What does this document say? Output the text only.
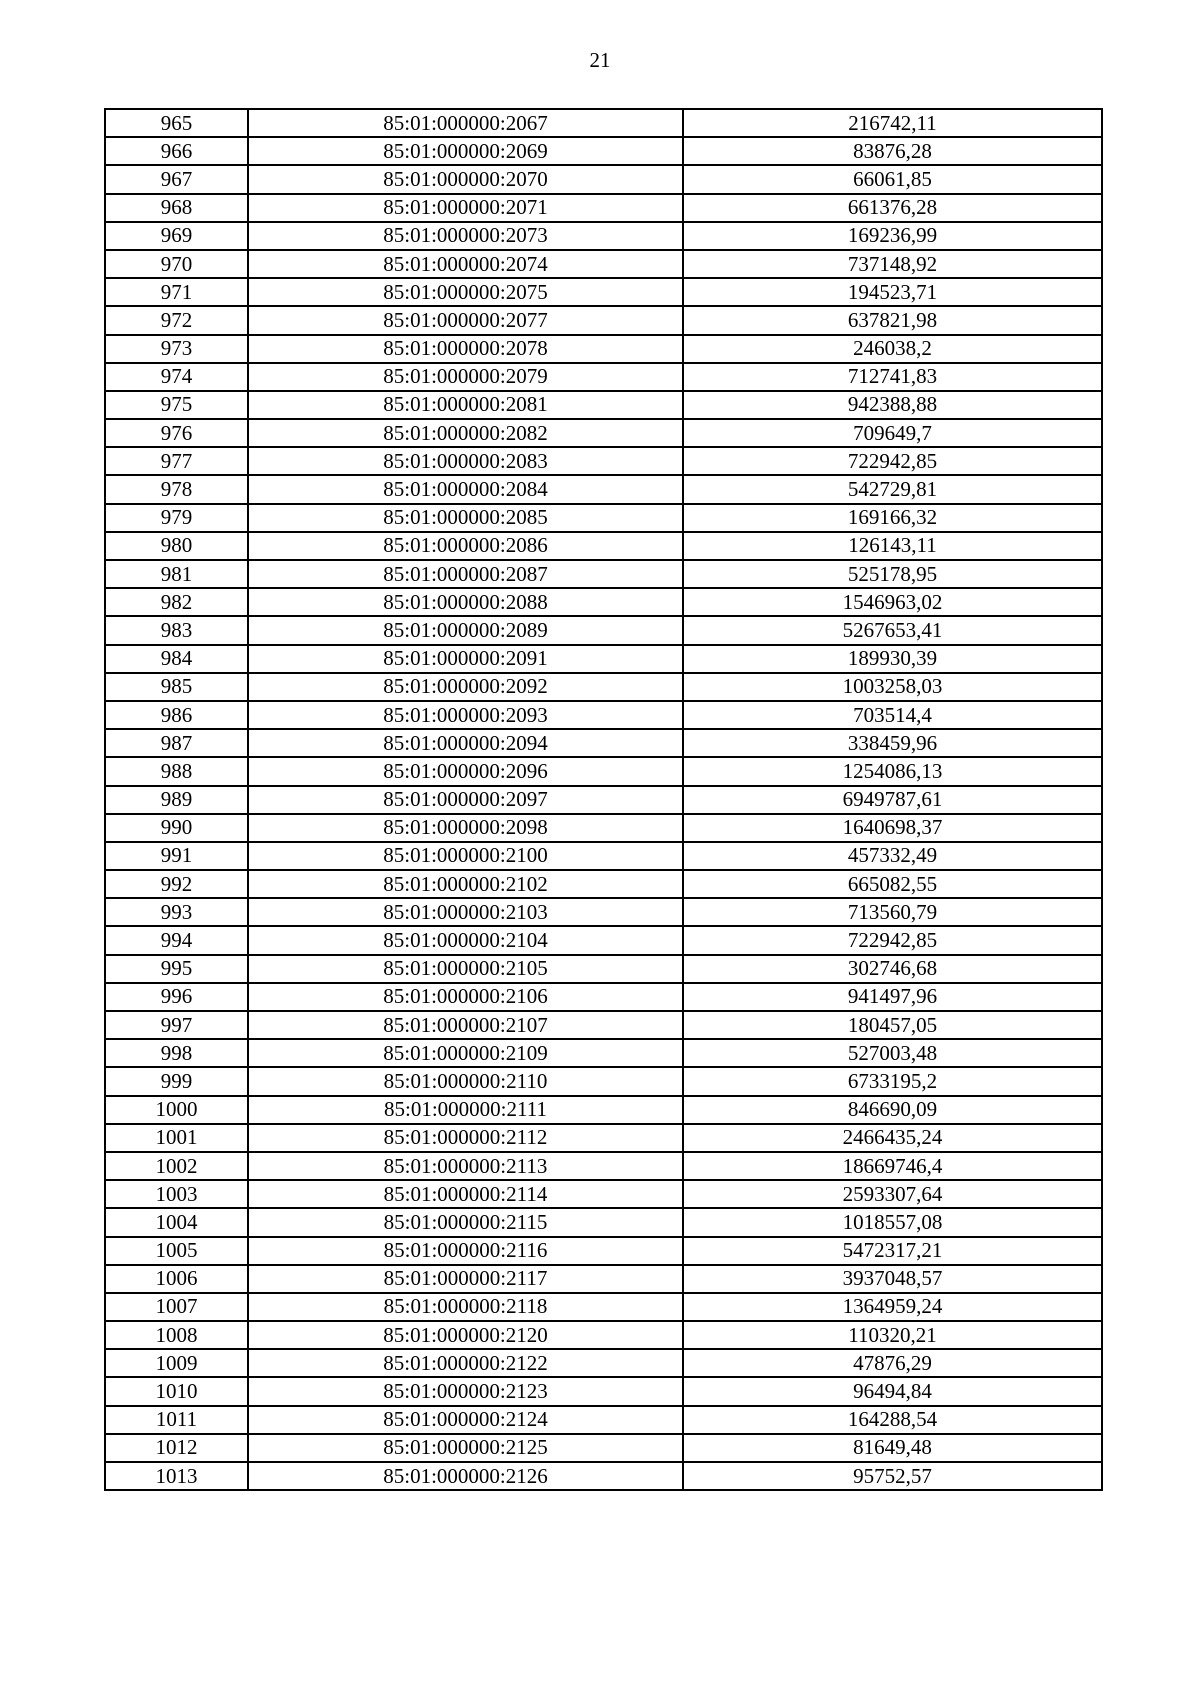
21
965	85:01:000000:2067	216742,11
966	85:01:000000:2069	83876,28
967	85:01:000000:2070	66061,85
968	85:01:000000:2071	661376,28
969	85:01:000000:2073	169236,99
970	85:01:000000:2074	737148,92
971	85:01:000000:2075	194523,71
972	85:01:000000:2077	637821,98
973	85:01:000000:2078	246038,2
974	85:01:000000:2079	712741,83
975	85:01:000000:2081	942388,88
976	85:01:000000:2082	709649,7
977	85:01:000000:2083	722942,85
978	85:01:000000:2084	542729,81
979	85:01:000000:2085	169166,32
980	85:01:000000:2086	126143,11
981	85:01:000000:2087	525178,95
982	85:01:000000:2088	1546963,02
983	85:01:000000:2089	5267653,41
984	85:01:000000:2091	189930,39
985	85:01:000000:2092	1003258,03
986	85:01:000000:2093	703514,4
987	85:01:000000:2094	338459,96
988	85:01:000000:2096	1254086,13
989	85:01:000000:2097	6949787,61
990	85:01:000000:2098	1640698,37
991	85:01:000000:2100	457332,49
992	85:01:000000:2102	665082,55
993	85:01:000000:2103	713560,79
994	85:01:000000:2104	722942,85
995	85:01:000000:2105	302746,68
996	85:01:000000:2106	941497,96
997	85:01:000000:2107	180457,05
998	85:01:000000:2109	527003,48
999	85:01:000000:2110	6733195,2
1000	85:01:000000:2111	846690,09
1001	85:01:000000:2112	2466435,24
1002	85:01:000000:2113	18669746,4
1003	85:01:000000:2114	2593307,64
1004	85:01:000000:2115	1018557,08
1005	85:01:000000:2116	5472317,21
1006	85:01:000000:2117	3937048,57
1007	85:01:000000:2118	1364959,24
1008	85:01:000000:2120	110320,21
1009	85:01:000000:2122	47876,29
1010	85:01:000000:2123	96494,84
1011	85:01:000000:2124	164288,54
1012	85:01:000000:2125	81649,48
1013	85:01:000000:2126	95752,57
